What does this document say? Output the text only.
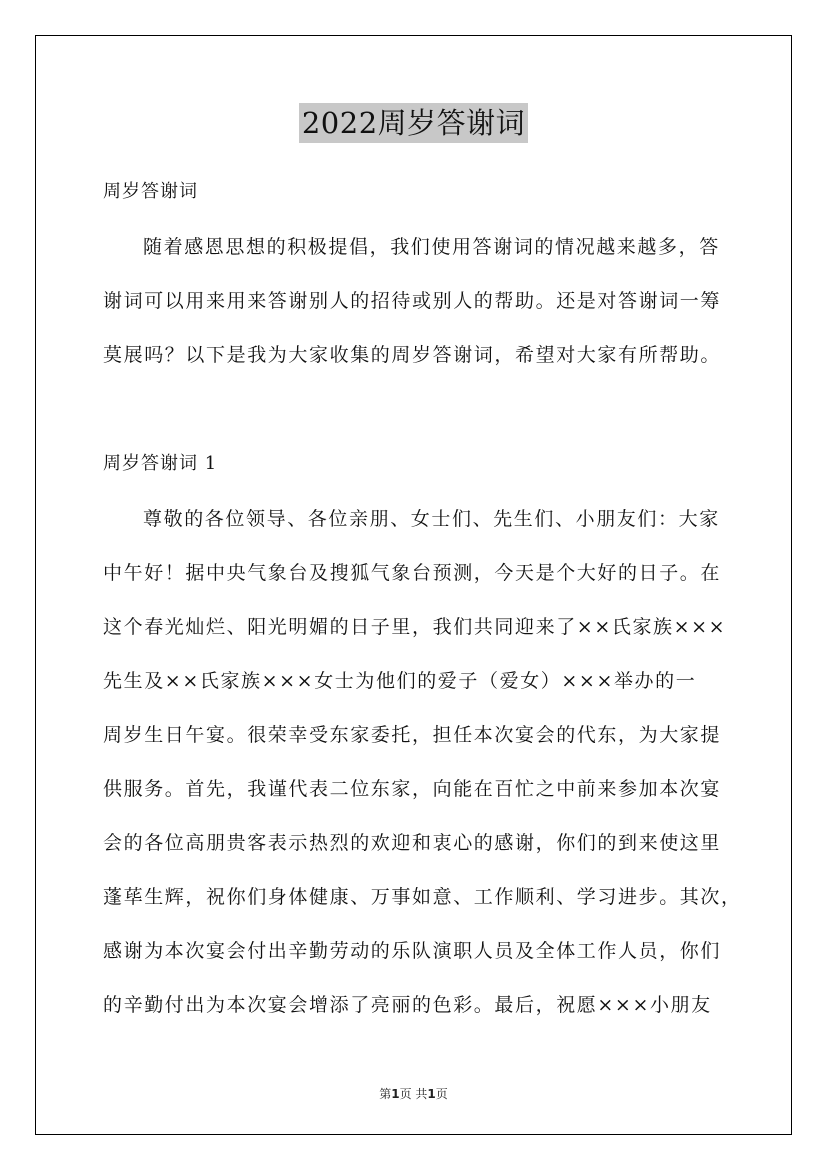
2022周岁答谢词
周岁答谢词
随着感恩思想的积极提倡，我们使用答谢词的情况越来越多，答
谢词可以用来用来答谢别人的招待或别人的帮助。还是对答谢词一筹
莫展吗？以下是我为大家收集的周岁答谢词，希望对大家有所帮助。
周岁答谢词 1
尊敬的各位领导、各位亲朋、女士们、先生们、小朋友们：大家
中午好！据中央气象台及搜狐气象台预测，今天是个大好的日子。在
这个春光灿烂、阳光明媚的日子里，我们共同迎来了××氏家族×××
先生及××氏家族×××女士为他们的爱子（爱女）×××举办的一
周岁生日午宴。很荣幸受东家委托，担任本次宴会的代东，为大家提
供服务。首先，我谨代表二位东家，向能在百忙之中前来参加本次宴
会的各位高朋贵客表示热烈的欢迎和衷心的感谢，你们的到来使这里
蓬荜生辉，祝你们身体健康、万事如意、工作顺利、学习进步。其次，
感谢为本次宴会付出辛勤劳动的乐队演职人员及全体工作人员，你们
的辛勤付出为本次宴会增添了亮丽的色彩。最后，祝愿×××小朋友
第1页 共1页
